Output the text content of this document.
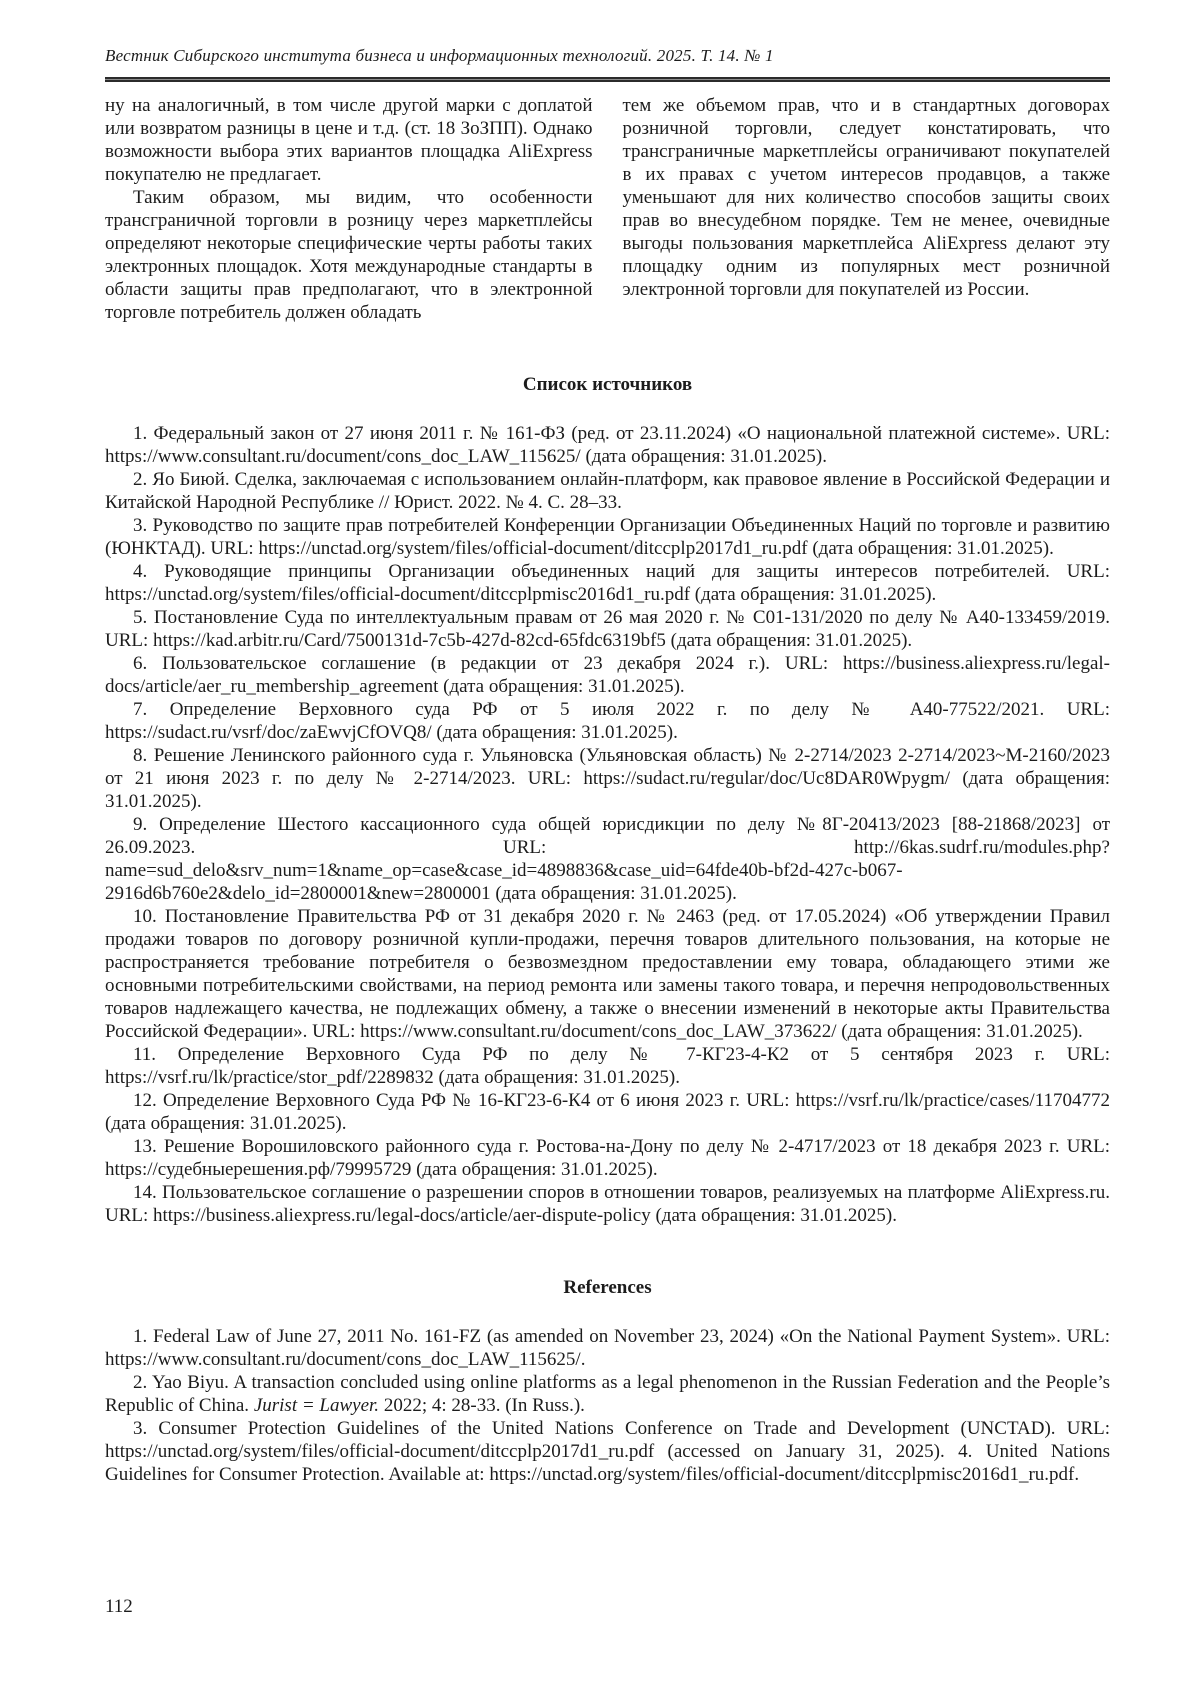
Вестник Сибирского института бизнеса и информационных технологий. 2025. Т. 14. № 1

ну на аналогичный, в том числе другой марки с доплатой или возвратом разницы в цене и т.д. (ст. 18 ЗоЗПП). Однако возможности выбора этих вариантов площадка AliExpress покупателю не предлагает.

Таким образом, мы видим, что особенности трансграничной торговли в розницу через маркетплейсы определяют некоторые специфические черты работы таких электронных площадок. Хотя международные стандарты в области защиты прав предполагают, что в электронной торговле потребитель должен обладать

тем же объемом прав, что и в стандартных договорах розничной торговли, следует констатировать, что трансграничные маркетплейсы ограничивают покупателей в их правах с учетом интересов продавцов, а также уменьшают для них количество способов защиты своих прав во внесудебном порядке. Тем не менее, очевидные выгоды пользования маркетплейса AliExpress делают эту площадку одним из популярных мест розничной электронной торговли для покупателей из России.

Список источников

1. Федеральный закон от 27 июня 2011 г. № 161-ФЗ (ред. от 23.11.2024) «О национальной платежной системе». URL: https://www.consultant.ru/document/cons_doc_LAW_115625/ (дата обращения: 31.01.2025).

2. Яо Биюй. Сделка, заключаемая с использованием онлайн-платформ, как правовое явление в Российской Федерации и Китайской Народной Республике // Юрист. 2022. № 4. С. 28–33.

3. Руководство по защите прав потребителей Конференции Организации Объединенных Наций по торговле и развитию (ЮНКТАД). URL: https://unctad.org/system/files/official-document/ditccplp2017d1_ru.pdf (дата обращения: 31.01.2025).

4. Руководящие принципы Организации объединенных наций для защиты интересов потребителей. URL: https://unctad.org/system/files/official-document/ditccplpmisc2016d1_ru.pdf (дата обращения: 31.01.2025).

5. Постановление Суда по интеллектуальным правам от 26 мая 2020 г. № С01-131/2020 по делу № А40-133459/2019. URL: https://kad.arbitr.ru/Card/7500131d-7c5b-427d-82cd-65fdc6319bf5 (дата обращения: 31.01.2025).

6. Пользовательское соглашение (в редакции от 23 декабря 2024 г.). URL: https://business.aliexpress.ru/legal-docs/article/aer_ru_membership_agreement (дата обращения: 31.01.2025).

7. Определение Верховного суда РФ от 5 июля 2022 г. по делу № А40-77522/2021. URL: https://sudact.ru/vsrf/doc/zaEwvjCfOVQ8/ (дата обращения: 31.01.2025).

8. Решение Ленинского районного суда г. Ульяновска (Ульяновская область) № 2-2714/2023 2-2714/2023~М-2160/2023 от 21 июня 2023 г. по делу № 2-2714/2023. URL: https://sudact.ru/regular/doc/Uc8DAR0Wpygm/ (дата обращения: 31.01.2025).

9. Определение Шестого кассационного суда общей юрисдикции по делу №8Г-20413/2023 [88-21868/2023] от 26.09.2023. URL: http://6kas.sudrf.ru/modules.php?name=sud_delo&srv_num=1&name_op=case&case_id=4898836&case_uid=64fde40b-bf2d-427c-b067-2916d6b760e2&delo_id=2800001&new=2800001 (дата обращения: 31.01.2025).

10. Постановление Правительства РФ от 31 декабря 2020 г. № 2463 (ред. от 17.05.2024) «Об утверждении Правил продажи товаров по договору розничной купли-продажи, перечня товаров длительного пользования, на которые не распространяется требование потребителя о безвозмездном предоставлении ему товара, обладающего этими же основными потребительскими свойствами, на период ремонта или замены такого товара, и перечня непродовольственных товаров надлежащего качества, не подлежащих обмену, а также о внесении изменений в некоторые акты Правительства Российской Федерации». URL: https://www.consultant.ru/document/cons_doc_LAW_373622/ (дата обращения: 31.01.2025).

11. Определение Верховного Суда РФ по делу № 7-КГ23-4-К2 от 5 сентября 2023 г. URL: https://vsrf.ru/lk/practice/stor_pdf/2289832 (дата обращения: 31.01.2025).

12. Определение Верховного Суда РФ № 16-КГ23-6-К4 от 6 июня 2023 г. URL: https://vsrf.ru/lk/practice/cases/11704772 (дата обращения: 31.01.2025).

13. Решение Ворошиловского районного суда г. Ростова-на-Дону по делу № 2-4717/2023 от 18 декабря 2023 г. URL: https://судебныерешения.рф/79995729 (дата обращения: 31.01.2025).

14. Пользовательское соглашение о разрешении споров в отношении товаров, реализуемых на платформе AliExpress.ru. URL: https://business.aliexpress.ru/legal-docs/article/aer-dispute-policy (дата обращения: 31.01.2025).

References

1. Federal Law of June 27, 2011 No. 161-FZ (as amended on November 23, 2024) «On the National Payment System». URL: https://www.consultant.ru/document/cons_doc_LAW_115625/.

2. Yao Biyu. A transaction concluded using online platforms as a legal phenomenon in the Russian Federation and the People’s Republic of China. Jurist = Lawyer. 2022; 4: 28-33. (In Russ.).

3. Consumer Protection Guidelines of the United Nations Conference on Trade and Development (UNCTAD). URL: https://unctad.org/system/files/official-document/ditccplp2017d1_ru.pdf (accessed on January 31, 2025). 4. United Nations Guidelines for Consumer Protection. Available at: https://unctad.org/system/files/official-document/ditccplpmisc2016d1_ru.pdf.

112
